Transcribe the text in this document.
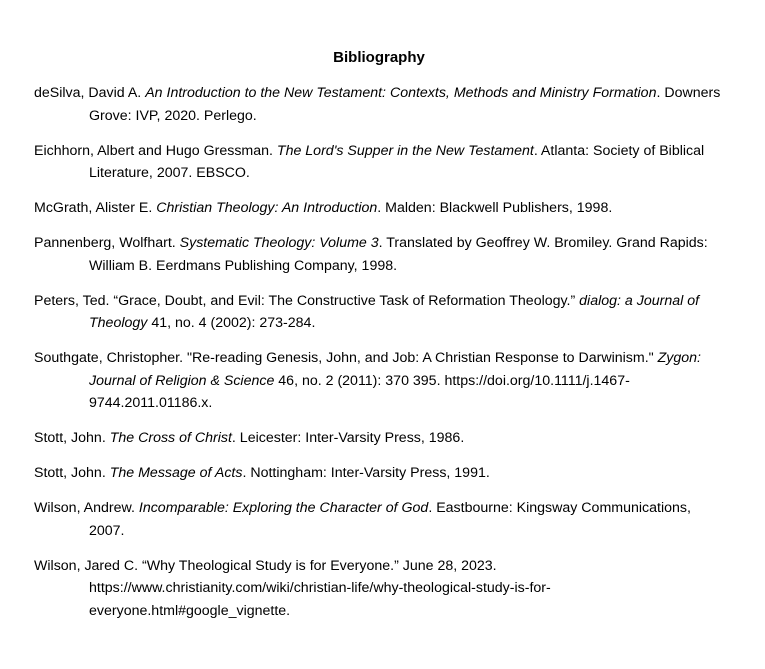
Bibliography
deSilva, David A. An Introduction to the New Testament: Contexts, Methods and Ministry Formation. Downers Grove: IVP, 2020. Perlego.
Eichhorn, Albert and Hugo Gressman. The Lord's Supper in the New Testament. Atlanta: Society of Biblical Literature, 2007. EBSCO.
McGrath, Alister E. Christian Theology: An Introduction. Malden: Blackwell Publishers, 1998.
Pannenberg, Wolfhart. Systematic Theology: Volume 3. Translated by Geoffrey W. Bromiley. Grand Rapids: William B. Eerdmans Publishing Company, 1998.
Peters, Ted. “Grace, Doubt, and Evil: The Constructive Task of Reformation Theology.” dialog: a Journal of Theology 41, no. 4 (2002): 273-284.
Southgate, Christopher. "Re-reading Genesis, John, and Job: A Christian Response to Darwinism." Zygon: Journal of Religion & Science 46, no. 2 (2011): 370 395. https://doi.org/10.1111/j.1467-9744.2011.01186.x.
Stott, John. The Cross of Christ. Leicester: Inter-Varsity Press, 1986.
Stott, John. The Message of Acts. Nottingham: Inter-Varsity Press, 1991.
Wilson, Andrew. Incomparable: Exploring the Character of God. Eastbourne: Kingsway Communications, 2007.
Wilson, Jared C. “Why Theological Study is for Everyone.” June 28, 2023. https://www.christianity.com/wiki/christian-life/why-theological-study-is-for-everyone.html#google_vignette.
